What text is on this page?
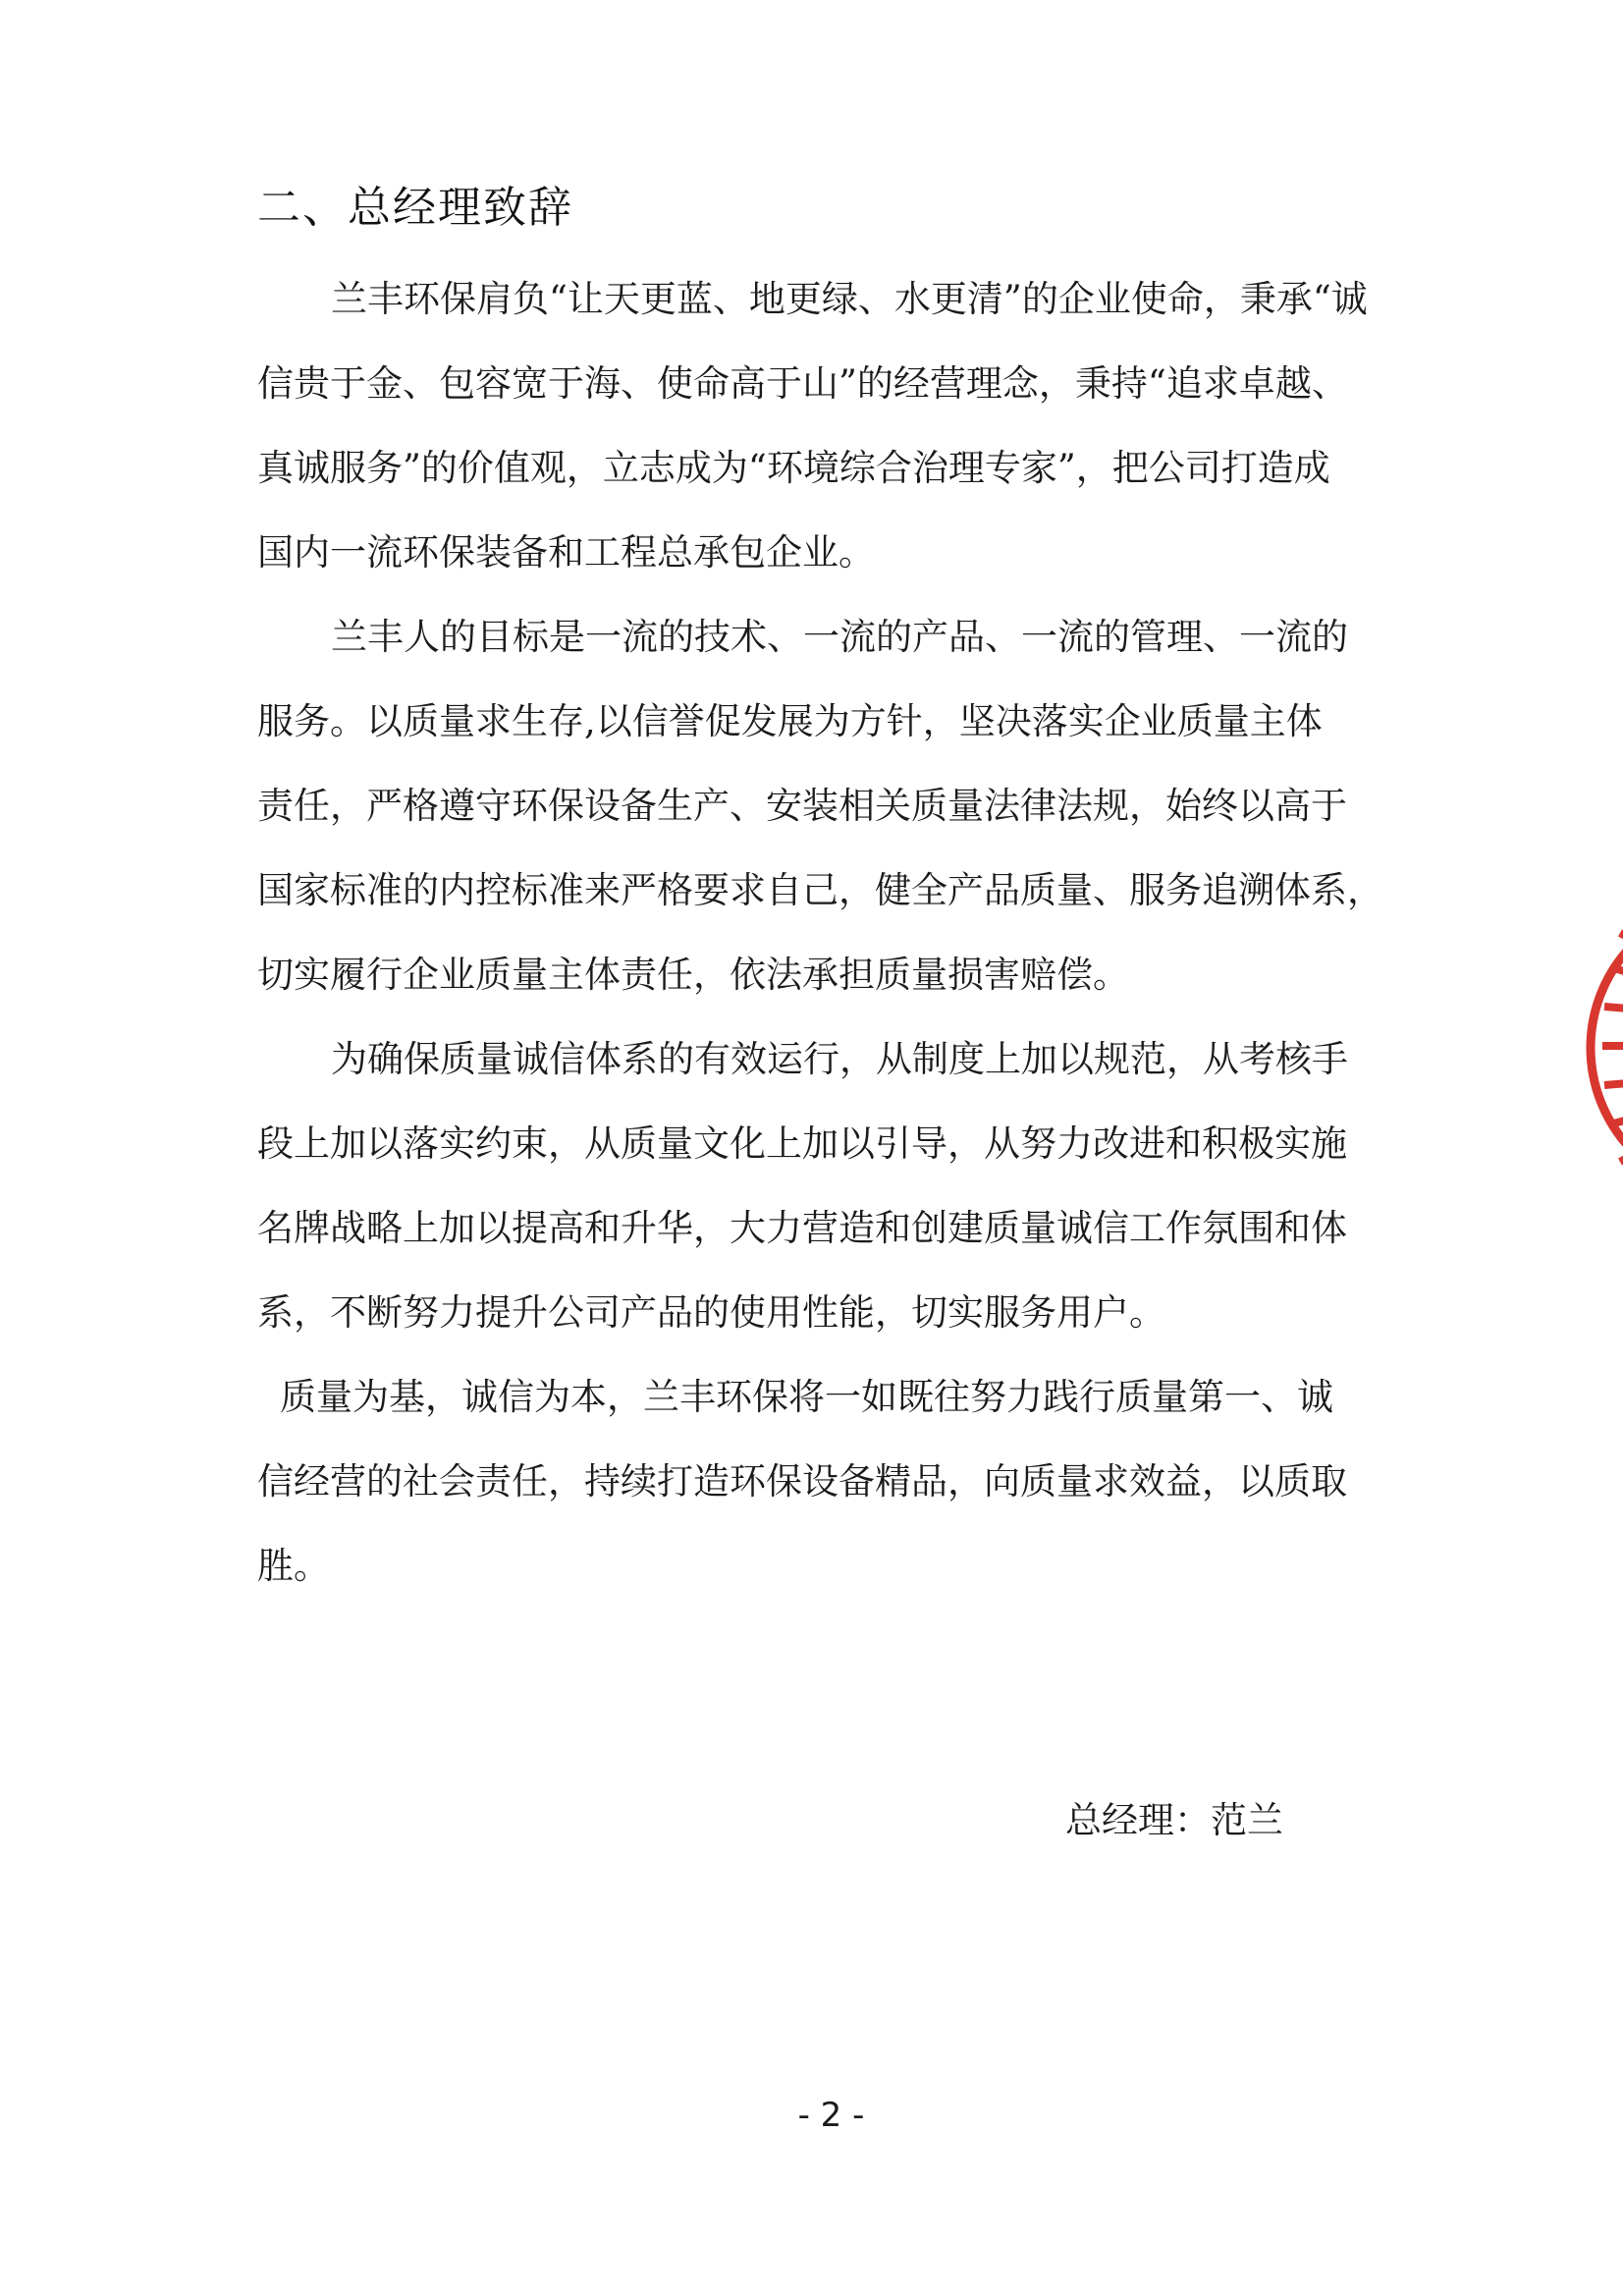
二、总经理致辞
兰丰环保肩负“让天更蓝、地更绿、水更清”的企业使命，秉承“诚
信贵于金、包容宽于海、使命高于山”的经营理念，秉持“追求卓越、
真诚服务”的价值观，立志成为“环境综合治理专家”，把公司打造成
国内一流环保装备和工程总承包企业。
兰丰人的目标是一流的技术、一流的产品、一流的管理、一流的
服务。以质量求生存,以信誉促发展为方针，坚决落实企业质量主体
责任，严格遵守环保设备生产、安装相关质量法律法规，始终以高于
国家标准的内控标准来严格要求自己，健全产品质量、服务追溯体系，
切实履行企业质量主体责任，依法承担质量损害赔偿。
为确保质量诚信体系的有效运行，从制度上加以规范，从考核手
段上加以落实约束，从质量文化上加以引导，从努力改进和积极实施
名牌战略上加以提高和升华，大力营造和创建质量诚信工作氛围和体
系，不断努力提升公司产品的使用性能，切实服务用户。
质量为基，诚信为本，兰丰环保将一如既往努力践行质量第一、诚
信经营的社会责任，持续打造环保设备精品，向质量求效益，以质取
胜。
总经理：范兰
- 2 -
